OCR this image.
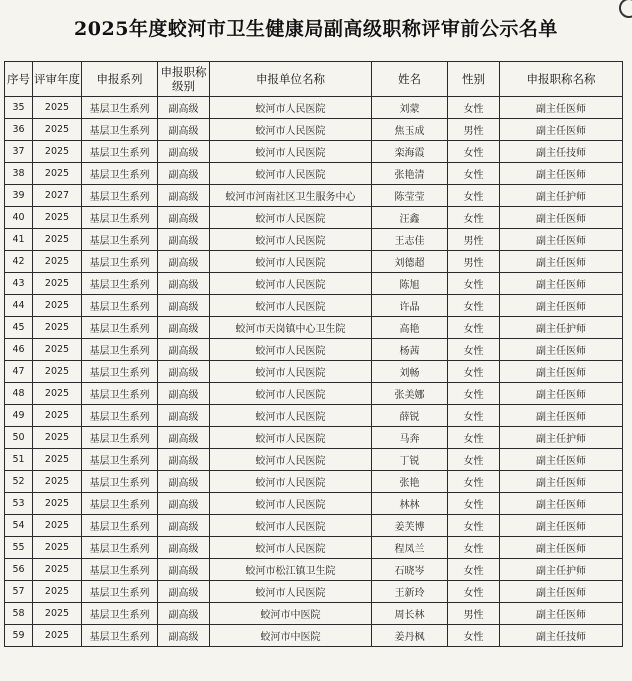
2025年度蛟河市卫生健康局副高级职称评审前公示名单
序号	评审年度	申报系列	申报职称级别	申报单位名称	姓名	性别	申报职称名称
35	2025	基层卫生系列	副高级	蛟河市人民医院	刘蒙	女性	副主任医师
36	2025	基层卫生系列	副高级	蛟河市人民医院	焦玉成	男性	副主任医师
37	2025	基层卫生系列	副高级	蛟河市人民医院	栾海霞	女性	副主任技师
38	2025	基层卫生系列	副高级	蛟河市人民医院	张艳清	女性	副主任医师
39	2027	基层卫生系列	副高级	蛟河市河南社区卫生服务中心	陈莹莹	女性	副主任护师
40	2025	基层卫生系列	副高级	蛟河市人民医院	汪鑫	女性	副主任医师
41	2025	基层卫生系列	副高级	蛟河市人民医院	王志佳	男性	副主任医师
42	2025	基层卫生系列	副高级	蛟河市人民医院	刘德超	男性	副主任医师
43	2025	基层卫生系列	副高级	蛟河市人民医院	陈旭	女性	副主任医师
44	2025	基层卫生系列	副高级	蛟河市人民医院	许晶	女性	副主任医师
45	2025	基层卫生系列	副高级	蛟河市天岗镇中心卫生院	高艳	女性	副主任护师
46	2025	基层卫生系列	副高级	蛟河市人民医院	杨茜	女性	副主任医师
47	2025	基层卫生系列	副高级	蛟河市人民医院	刘畅	女性	副主任医师
48	2025	基层卫生系列	副高级	蛟河市人民医院	张美娜	女性	副主任医师
49	2025	基层卫生系列	副高级	蛟河市人民医院	薛锐	女性	副主任医师
50	2025	基层卫生系列	副高级	蛟河市人民医院	马奔	女性	副主任护师
51	2025	基层卫生系列	副高级	蛟河市人民医院	丁锐	女性	副主任医师
52	2025	基层卫生系列	副高级	蛟河市人民医院	张艳	女性	副主任医师
53	2025	基层卫生系列	副高级	蛟河市人民医院	林林	女性	副主任医师
54	2025	基层卫生系列	副高级	蛟河市人民医院	姜芙博	女性	副主任医师
55	2025	基层卫生系列	副高级	蛟河市人民医院	程凤兰	女性	副主任医师
56	2025	基层卫生系列	副高级	蛟河市松江镇卫生院	石晓岑	女性	副主任护师
57	2025	基层卫生系列	副高级	蛟河市人民医院	王新玲	女性	副主任医师
58	2025	基层卫生系列	副高级	蛟河市中医院	周长林	男性	副主任医师
59	2025	基层卫生系列	副高级	蛟河市中医院	姜丹枫	女性	副主任技师
